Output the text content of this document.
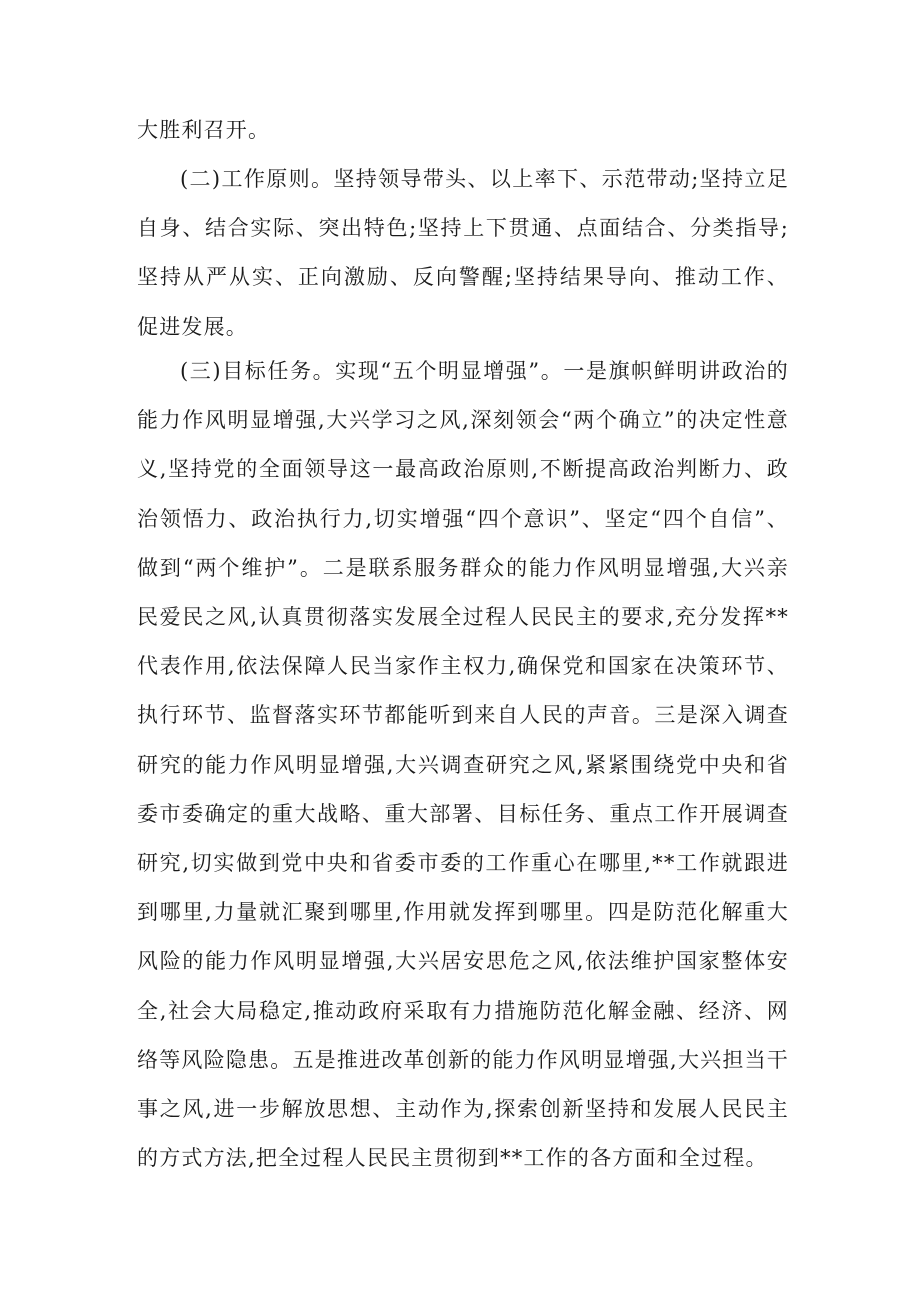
大胜利召开。

(二)工作原则。坚持领导带头、以上率下、示范带动;坚持立足自身、结合实际、突出特色;坚持上下贯通、点面结合、分类指导;坚持从严从实、正向激励、反向警醒;坚持结果导向、推动工作、促进发展。

(三)目标任务。实现“五个明显增强”。一是旗帜鲜明讲政治的能力作风明显增强,大兴学习之风,深刻领会“两个确立”的决定性意义,坚持党的全面领导这一最高政治原则,不断提高政治判断力、政治领悟力、政治执行力,切实增强“四个意识”、坚定“四个自信”、做到“两个维护”。二是联系服务群众的能力作风明显增强,大兴亲民爱民之风,认真贯彻落实发展全过程人民民主的要求,充分发挥**代表作用,依法保障人民当家作主权力,确保党和国家在决策环节、执行环节、监督落实环节都能听到来自人民的声音。三是深入调查研究的能力作风明显增强,大兴调查研究之风,紧紧围绕党中央和省委市委确定的重大战略、重大部署、目标任务、重点工作开展调查研究,切实做到党中央和省委市委的工作重心在哪里,**工作就跟进到哪里,力量就汇聚到哪里,作用就发挥到哪里。四是防范化解重大风险的能力作风明显增强,大兴居安思危之风,依法维护国家整体安全,社会大局稳定,推动政府采取有力措施防范化解金融、经济、网络等风险隐患。五是推进改革创新的能力作风明显增强,大兴担当干事之风,进一步解放思想、主动作为,探索创新坚持和发展人民民主的方式方法,把全过程人民民主贯彻到**工作的各方面和全过程。
